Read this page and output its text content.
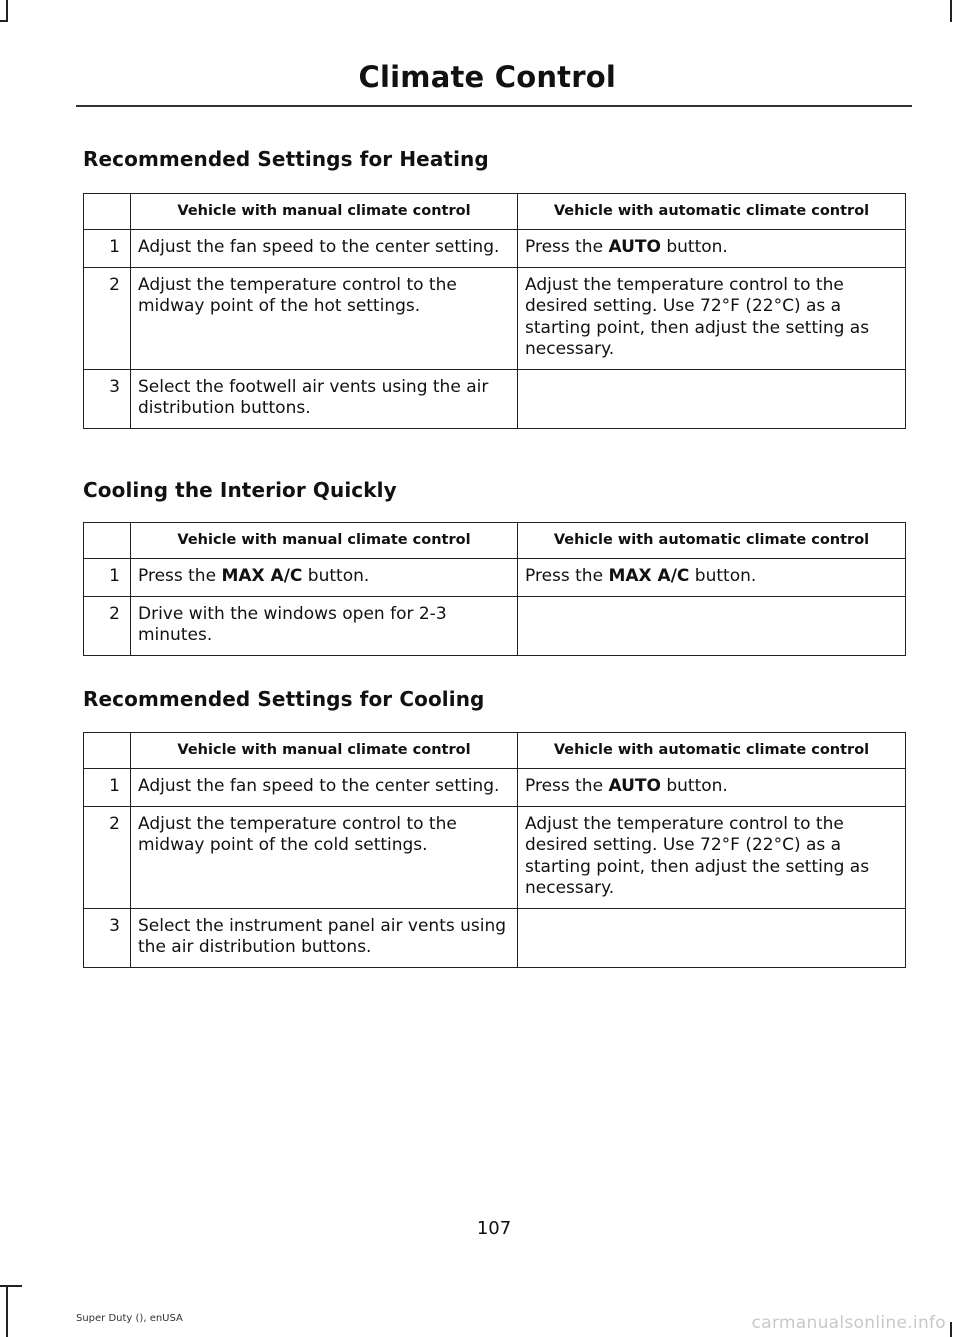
Climate Control
Recommended Settings for Heating
	Vehicle with manual climate control	Vehicle with automatic climate control
1	Adjust the fan speed to the center setting.	Press the AUTO button.
2	Adjust the temperature control to the midway point of the hot settings.	Adjust the temperature control to the desired setting. Use 72°F (22°C) as a starting point, then adjust the setting as necessary.
3	Select the footwell air vents using the air distribution buttons.	
Cooling the Interior Quickly
	Vehicle with manual climate control	Vehicle with automatic climate control
1	Press the MAX A/C button.	Press the MAX A/C button.
2	Drive with the windows open for 2-3 minutes.	
Recommended Settings for Cooling
	Vehicle with manual climate control	Vehicle with automatic climate control
1	Adjust the fan speed to the center setting.	Press the AUTO button.
2	Adjust the temperature control to the midway point of the cold settings.	Adjust the temperature control to the desired setting. Use 72°F (22°C) as a starting point, then adjust the setting as necessary.
3	Select the instrument panel air vents using the air distribution buttons.	
107
Super Duty (), enUSA	carmanualsonline.info
